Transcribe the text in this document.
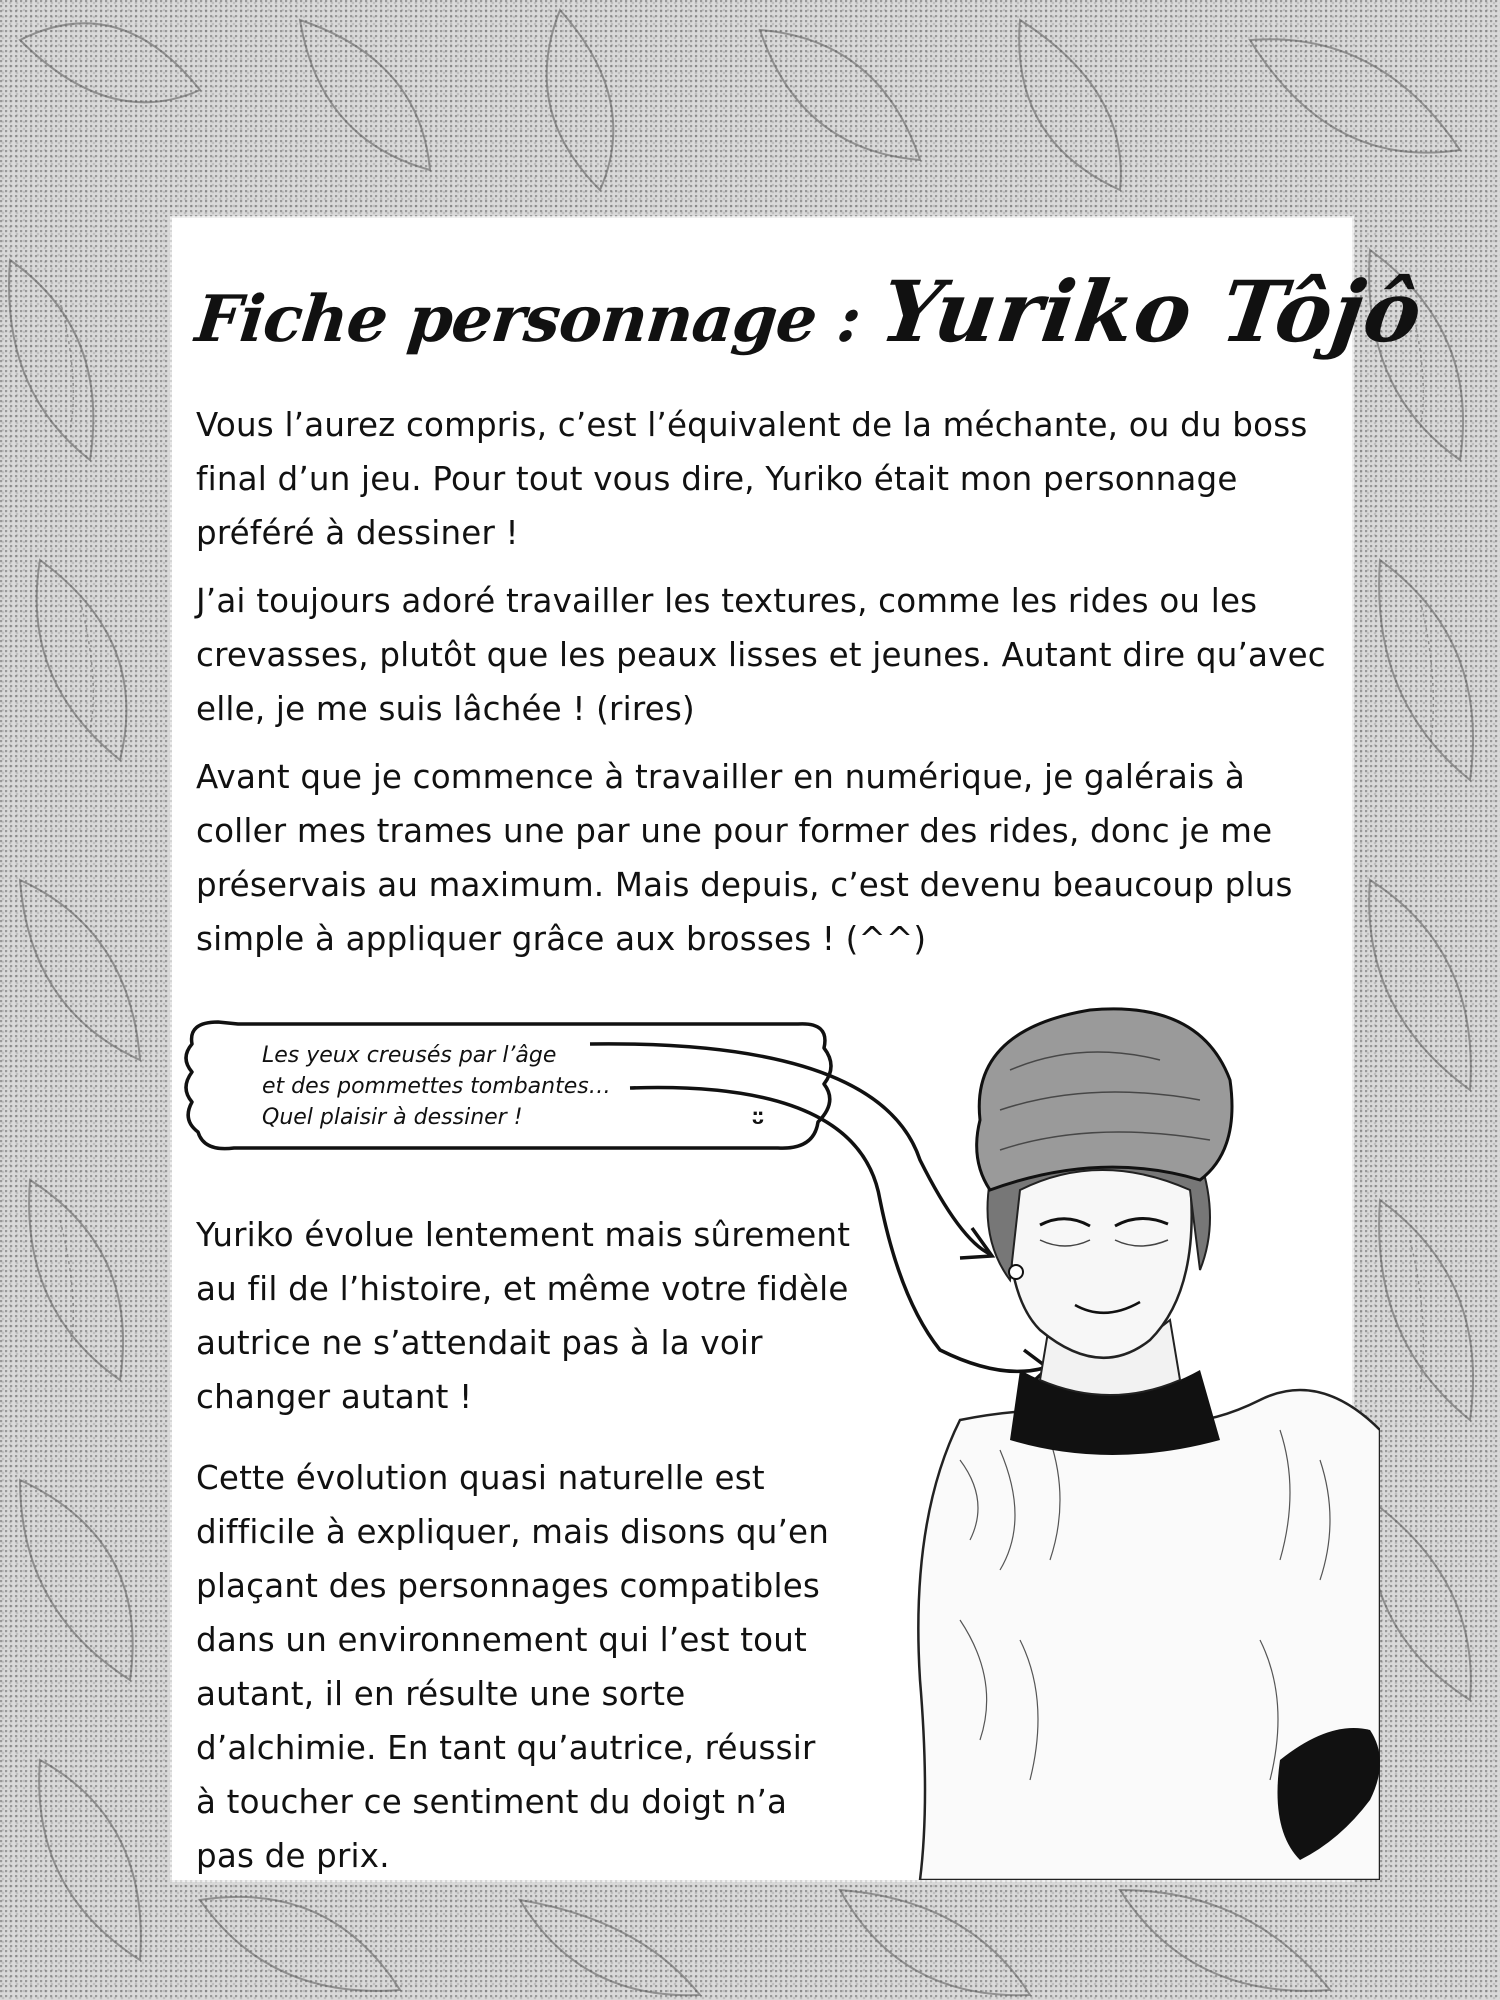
Fiche personnage : Yuriko Tôjô

Vous l’aurez compris, c’est l’équivalent de la méchante, ou du boss final d’un jeu. Pour tout vous dire, Yuriko était mon personnage préféré à dessiner !

J’ai toujours adoré travailler les textures, comme les rides ou les crevasses, plutôt que les peaux lisses et jeunes. Autant dire qu’avec elle, je me suis lâchée ! (rires)

Avant que je commence à travailler en numérique, je galérais à coller mes trames une par une pour former des rides, donc je me préservais au maximum. Mais depuis, c’est devenu beaucoup plus simple à appliquer grâce aux brosses ! (^^)

Les yeux creusés par l’âge
et des pommettes tombantes…
Quel plaisir à dessiner !	ᵕ̈

Yuriko évolue lentement mais sûrement au fil de l’histoire, et même votre fidèle autrice ne s’attendait pas à la voir changer autant !

Cette évolution quasi naturelle est difficile à expliquer, mais disons qu’en plaçant des personnages compatibles dans un environnement qui l’est tout autant, il en résulte une sorte d’alchimie. En tant qu’autrice, réussir à toucher ce sentiment du doigt n’a pas de prix.
